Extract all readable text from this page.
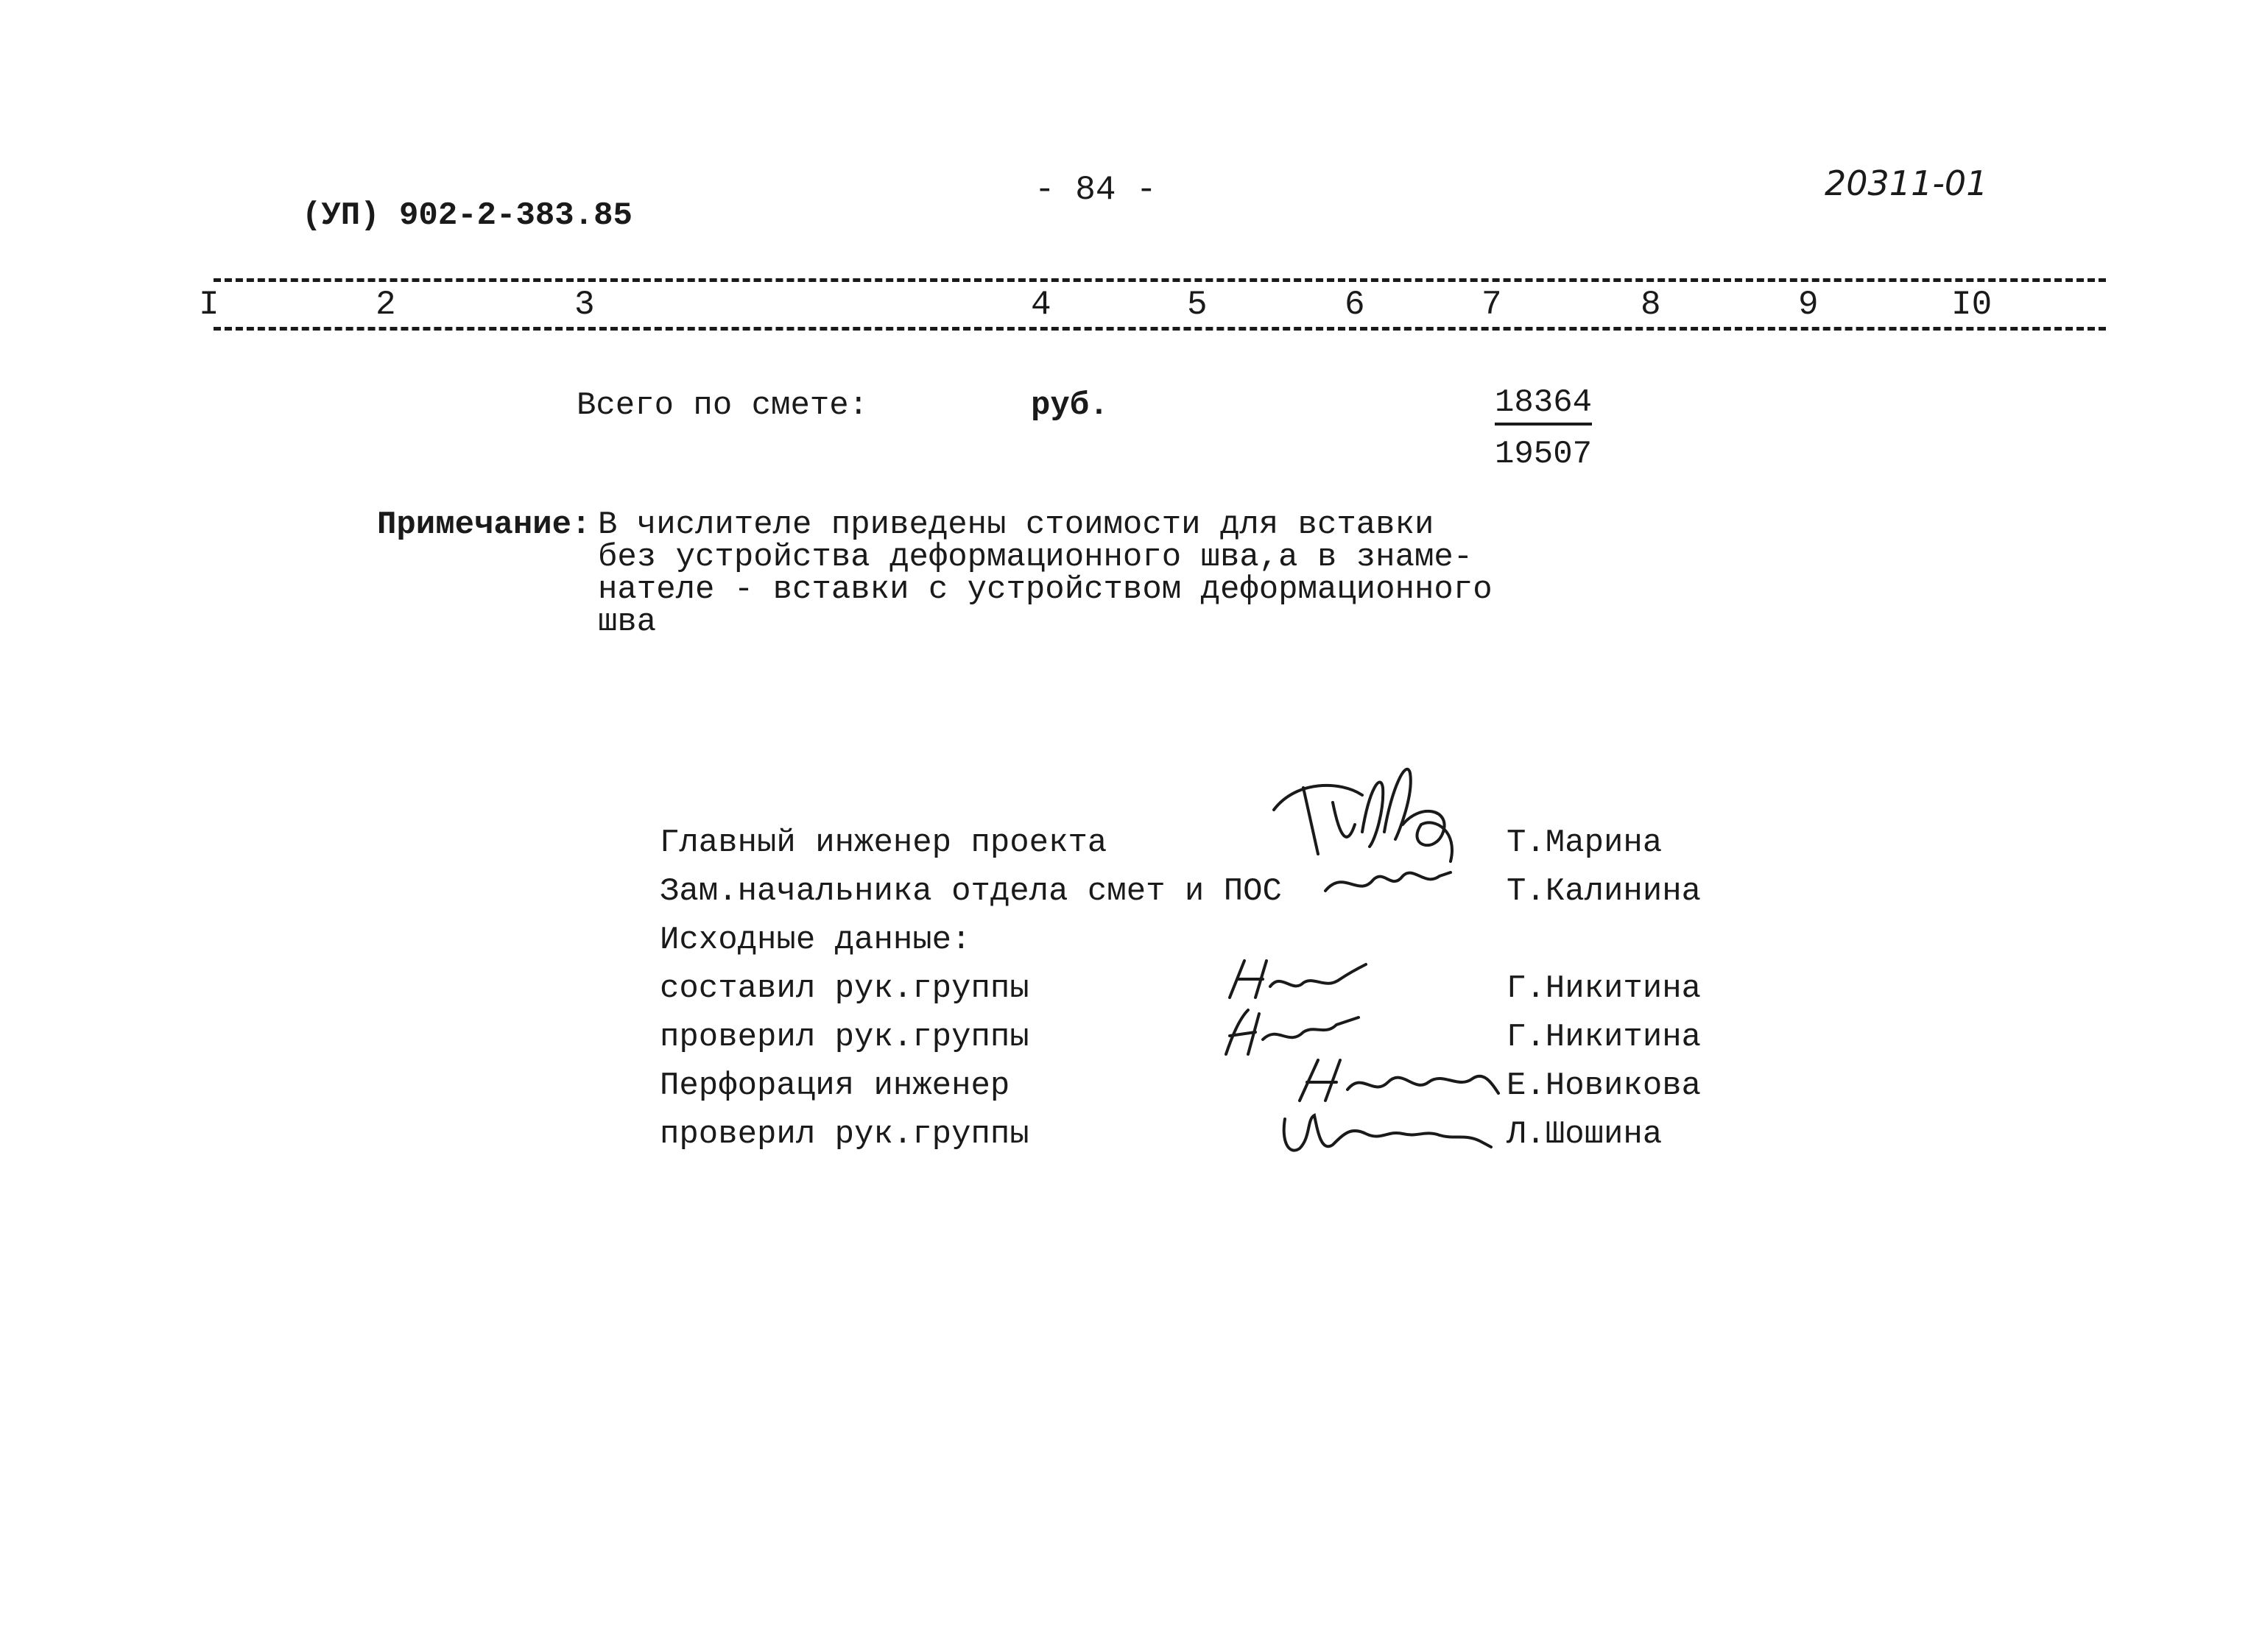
(УП) 902-2-383.85
- 84 -	20311-01
I	2	3	4	5	6	7	8	9	I0
Всего по смете:	руб.	18364
19507
Примечание: В числителе приведены стоимости для вставки
без устройства деформационного шва,а в знаме-
нателе - вставки с устройством деформационного
шва
Главный инженер проекта	Т.Марина
Зам.начальника отдела смет и ПОС	Т.Калинина
Исходные данные:
составил рук.группы	Г.Никитина
проверил рук.группы	Г.Никитина
Перфорация инженер	Е.Новикова
проверил рук.группы	Л.Шошина
